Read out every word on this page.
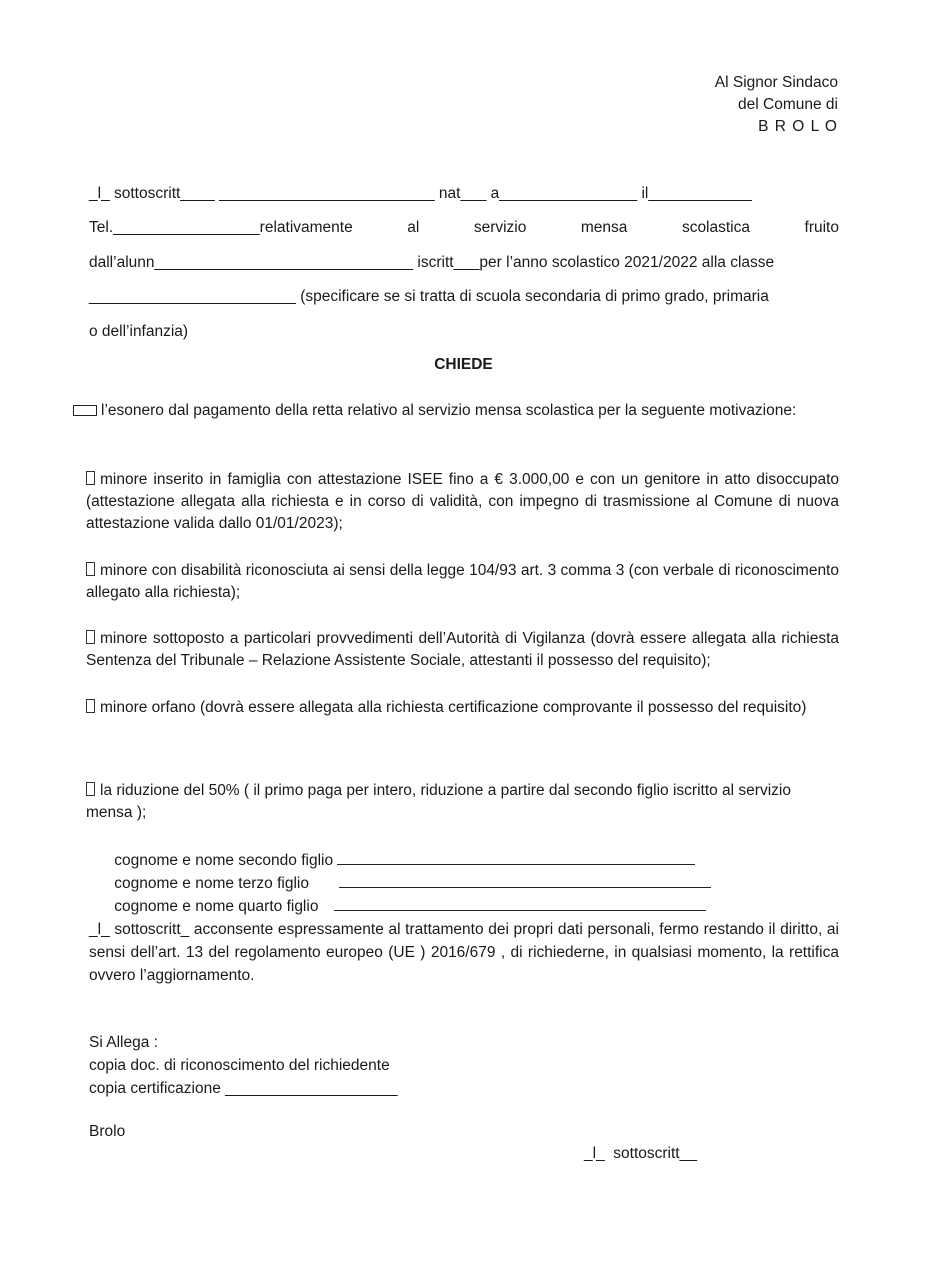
Al Signor Sindaco
del Comune di
B R O L O
_l_ sottoscritt____ _________________________ nat___ a________________ il____________
Tel._________________relativamente	al	servizio	mensa	scolastica	fruito
dall’alunn______________________________ iscritt___per l’anno scolastico 2021/2022 alla classe
________________________ (specificare se si tratta di scuola secondaria di primo grado, primaria
o dell’infanzia)
CHIEDE
l’esonero dal pagamento della retta relativo al servizio mensa scolastica per la seguente motivazione:
minore inserito in famiglia con attestazione ISEE fino a € 3.000,00 e con un genitore in atto disoccupato (attestazione allegata alla richiesta e in corso di validità, con impegno di trasmissione al Comune di nuova attestazione valida dallo 01/01/2023);
minore con disabilità riconosciuta ai sensi della legge 104/93 art. 3 comma 3 (con verbale di riconoscimento allegato alla richiesta);
minore sottoposto a particolari provvedimenti dell’Autorità di Vigilanza (dovrà essere allegata alla richiesta Sentenza del Tribunale – Relazione Assistente Sociale, attestanti il possesso del requisito);
minore orfano (dovrà essere allegata alla richiesta certificazione comprovante il possesso del requisito)
la riduzione del 50% ( il primo paga per intero, riduzione a partire dal secondo figlio iscritto al servizio mensa );

cognome e nome secondo figlio

cognome e nome terzo figlio

cognome e nome quarto figlio

_l_ sottoscritt_ acconsente espressamente al trattamento dei propri dati personali, fermo restando il diritto, ai sensi dell’art. 13 del regolamento europeo (UE ) 2016/679 , di richiederne, in qualsiasi momento, la rettifica ovvero l’aggiornamento.
Si Allega :
copia doc. di riconoscimento del richiedente
copia certificazione ____________________
Brolo
_l_  sottoscritt__
